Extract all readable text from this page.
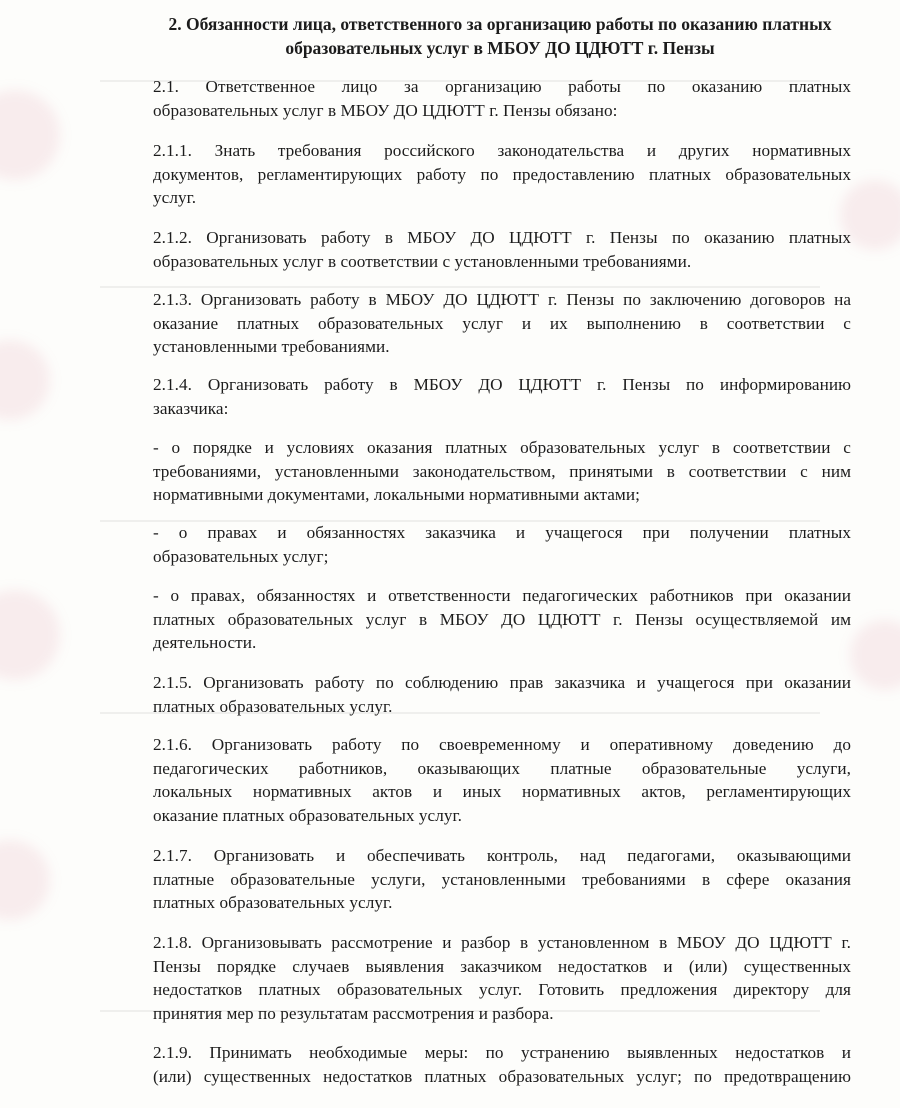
2. Обязанности лица, ответственного за организацию работы по оказанию платных
образовательных услуг в МБОУ ДО ЦДЮТТ г. Пензы

2.1. Ответственное лицо за организацию работы по оказанию платных
образовательных услуг в МБОУ ДО ЦДЮТТ г. Пензы обязано:

2.1.1. Знать требования российского законодательства и других нормативных
документов, регламентирующих работу по предоставлению платных образовательных
услуг.

2.1.2. Организовать работу в МБОУ ДО ЦДЮТТ г. Пензы по оказанию платных
образовательных услуг в соответствии с установленными требованиями.

2.1.3. Организовать работу в МБОУ ДО ЦДЮТТ г. Пензы по заключению договоров на
оказание платных образовательных услуг и их выполнению в соответствии с
установленными требованиями.

2.1.4. Организовать работу в МБОУ ДО ЦДЮТТ г. Пензы по информированию
заказчика:

- о порядке и условиях оказания платных образовательных услуг в соответствии с
требованиями, установленными законодательством, принятыми в соответствии с ним
нормативными документами, локальными нормативными актами;

- о правах и обязанностях заказчика и учащегося при получении платных
образовательных услуг;

- о правах, обязанностях и ответственности педагогических работников при оказании
платных образовательных услуг в МБОУ ДО ЦДЮТТ г. Пензы осуществляемой им
деятельности.

2.1.5. Организовать работу по соблюдению прав заказчика и учащегося при оказании
платных образовательных услуг.

2.1.6. Организовать работу по своевременному и оперативному доведению до
педагогических работников, оказывающих платные образовательные услуги,
локальных нормативных актов и иных нормативных актов, регламентирующих
оказание платных образовательных услуг.

2.1.7. Организовать и обеспечивать контроль, над педагогами, оказывающими
платные образовательные услуги, установленными требованиями в сфере оказания
платных образовательных услуг.

2.1.8. Организовывать рассмотрение и разбор в установленном в МБОУ ДО ЦДЮТТ г.
Пензы порядке случаев выявления заказчиком недостатков и (или) существенных
недостатков платных образовательных услуг. Готовить предложения директору для
принятия мер по результатам рассмотрения и разбора.

2.1.9. Принимать необходимые меры: по устранению выявленных недостатков и
(или) существенных недостатков платных образовательных услуг; по предотвращению
